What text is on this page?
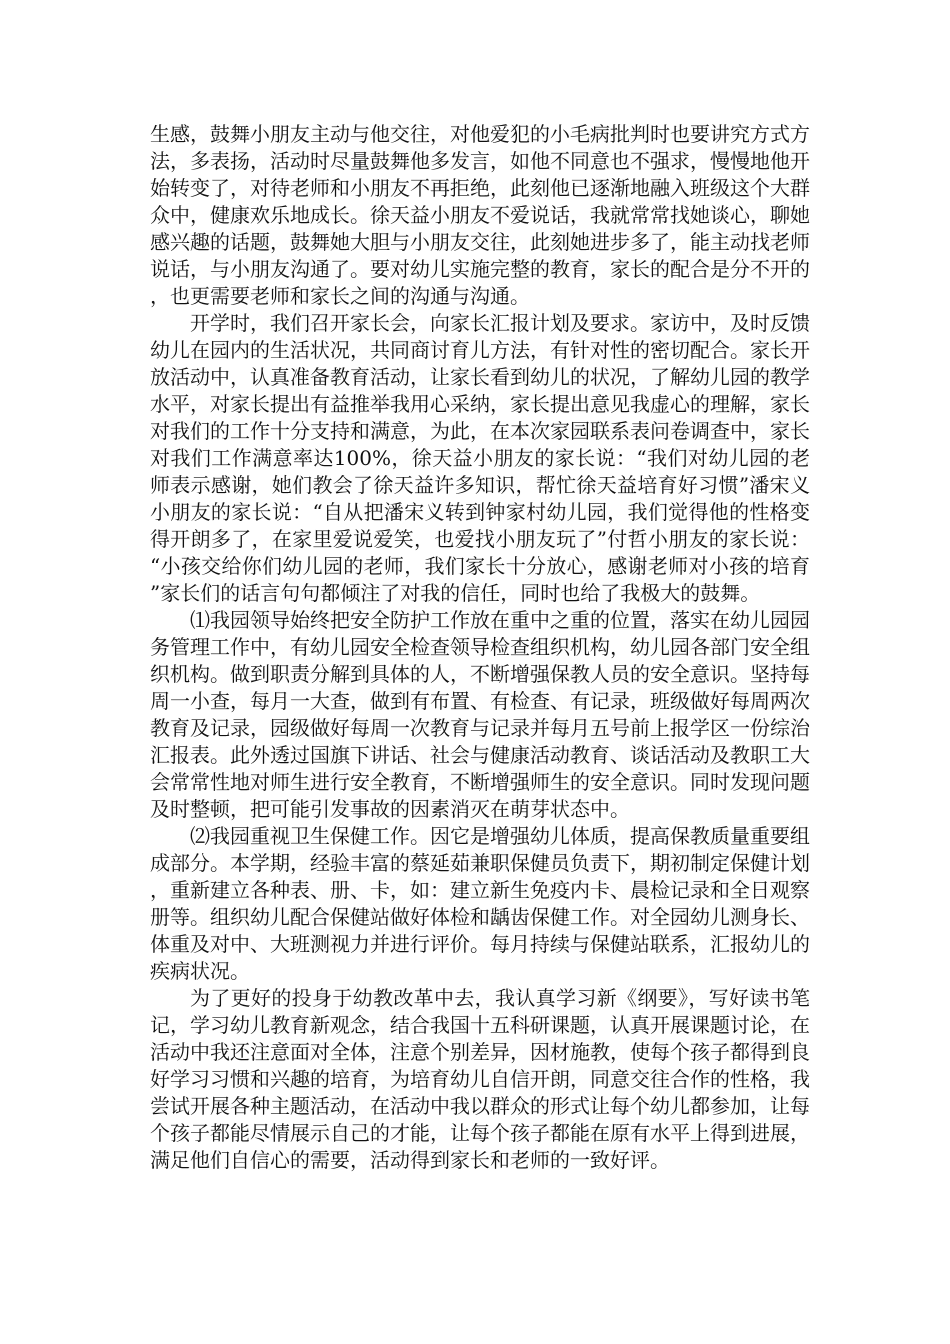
生感，鼓舞小朋友主动与他交往，对他爱犯的小毛病批判时也要讲究方式方法，多表扬，活动时尽量鼓舞他多发言，如他不同意也不强求，慢慢地他开始转变了，对待老师和小朋友不再拒绝，此刻他已逐渐地融入班级这个大群众中，健康欢乐地成长。徐天益小朋友不爱说话，我就常常找她谈心，聊她感兴趣的话题，鼓舞她大胆与小朋友交往，此刻她进步多了，能主动找老师说话，与小朋友沟通了。要对幼儿实施完整的教育，家长的配合是分不开的，也更需要老师和家长之间的沟通与沟通。

开学时，我们召开家长会，向家长汇报计划及要求。家访中，及时反馈幼儿在园内的生活状况，共同商讨育儿方法，有针对性的密切配合。家长开放活动中，认真准备教育活动，让家长看到幼儿的状况，了解幼儿园的教学水平，对家长提出有益推举我用心采纳，家长提出意见我虚心的理解，家长对我们的工作十分支持和满意，为此，在本次家园联系表问卷调查中，家长对我们工作满意率达100%，徐天益小朋友的家长说：“我们对幼儿园的老师表示感谢，她们教会了徐天益许多知识，帮忙徐天益培育好习惯”潘宋义小朋友的家长说：“自从把潘宋义转到钟家村幼儿园，我们觉得他的性格变得开朗多了，在家里爱说爱笑，也爱找小朋友玩了”付哲小朋友的家长说：“小孩交给你们幼儿园的老师，我们家长十分放心，感谢老师对小孩的培育”家长们的话言句句都倾注了对我的信任，同时也给了我极大的鼓舞。

⑴我园领导始终把安全防护工作放在重中之重的位置，落实在幼儿园园务管理工作中，有幼儿园安全检查领导检查组织机构，幼儿园各部门安全组织机构。做到职责分解到具体的人，不断增强保教人员的安全意识。坚持每周一小查，每月一大查，做到有布置、有检查、有记录，班级做好每周两次教育及记录，园级做好每周一次教育与记录并每月五号前上报学区一份综治汇报表。此外透过国旗下讲话、社会与健康活动教育、谈话活动及教职工大会常常性地对师生进行安全教育，不断增强师生的安全意识。同时发现问题及时整顿，把可能引发事故的因素消灭在萌芽状态中。

⑵我园重视卫生保健工作。因它是增强幼儿体质，提高保教质量重要组成部分。本学期，经验丰富的蔡延茹兼职保健员负责下，期初制定保健计划，重新建立各种表、册、卡，如：建立新生免疫内卡、晨检记录和全日观察册等。组织幼儿配合保健站做好体检和龋齿保健工作。对全园幼儿测身长、体重及对中、大班测视力并进行评价。每月持续与保健站联系，汇报幼儿的疾病状况。

为了更好的投身于幼教改革中去，我认真学习新《纲要》，写好读书笔记，学习幼儿教育新观念，结合我国十五科研课题，认真开展课题讨论，在活动中我还注意面对全体，注意个别差异，因材施教，使每个孩子都得到良好学习习惯和兴趣的培育，为培育幼儿自信开朗，同意交往合作的性格，我尝试开展各种主题活动，在活动中我以群众的形式让每个幼儿都参加，让每个孩子都能尽情展示自己的才能，让每个孩子都能在原有水平上得到进展，满足他们自信心的需要，活动得到家长和老师的一致好评。
